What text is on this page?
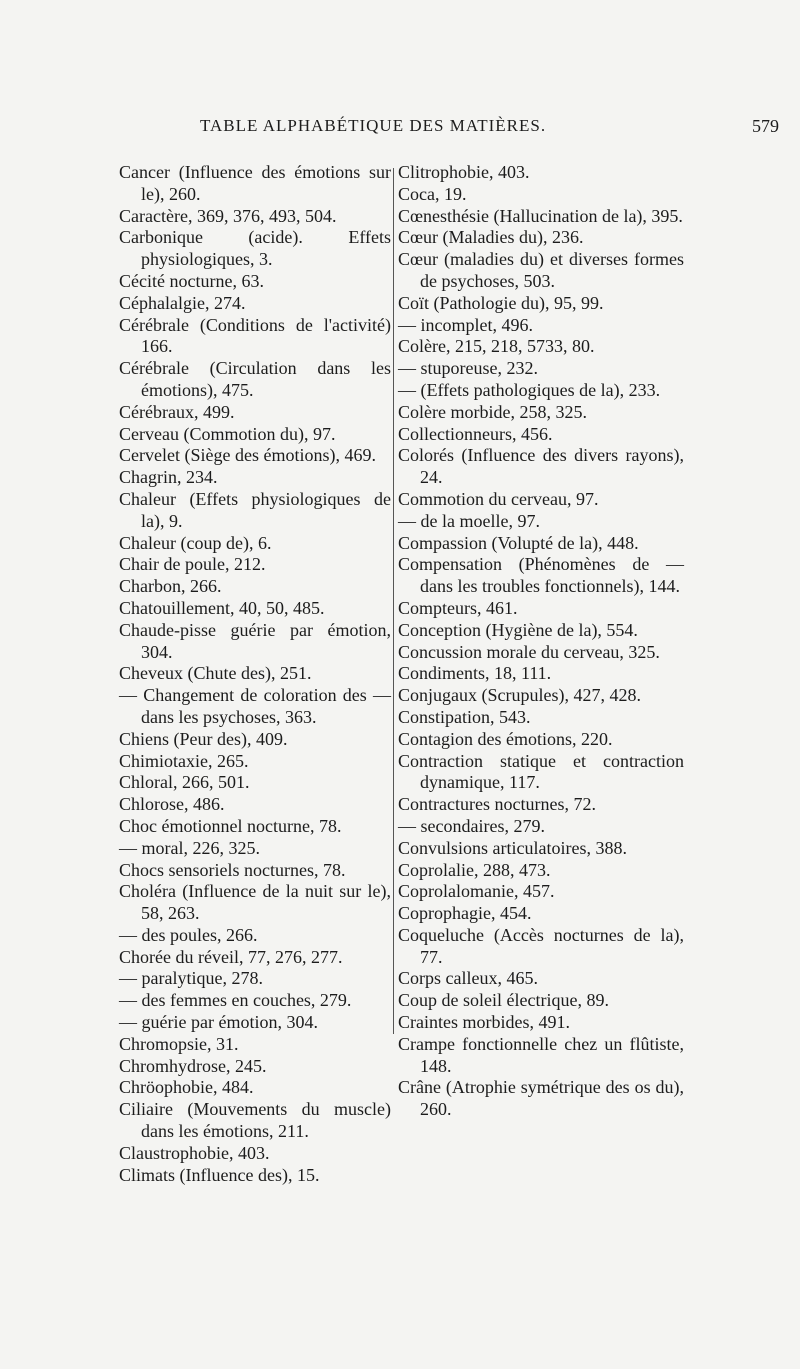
TABLE ALPHABÉTIQUE DES MATIÈRES.	579

Cancer (Influence des émotions sur le), 260.

Caractère, 369, 376, 493, 504.

Carbonique (acide). Effets physiologiques, 3.

Cécité nocturne, 63.

Céphalalgie, 274.

Cérébrale (Conditions de l'activité) 166.

Cérébrale (Circulation dans les émotions), 475.

Cérébraux, 499.

Cerveau (Commotion du), 97.

Cervelet (Siège des émotions), 469.

Chagrin, 234.

Chaleur (Effets physiologiques de la), 9.

Chaleur (coup de), 6.

Chair de poule, 212.

Charbon, 266.

Chatouillement, 40, 50, 485.

Chaude-pisse guérie par émotion, 304.

Cheveux (Chute des), 251.

— Changement de coloration des — dans les psychoses, 363.

Chiens (Peur des), 409.

Chimiotaxie, 265.

Chloral, 266, 501.

Chlorose, 486.

Choc émotionnel nocturne, 78.

— moral, 226, 325.

Chocs sensoriels nocturnes, 78.

Choléra (Influence de la nuit sur le), 58, 263.

— des poules, 266.

Chorée du réveil, 77, 276, 277.

— paralytique, 278.

— des femmes en couches, 279.

— guérie par émotion, 304.

Chromopsie, 31.

Chromhydrose, 245.

Chröophobie, 484.

Ciliaire (Mouvements du muscle) dans les émotions, 211.

Claustrophobie, 403.

Climats (Influence des), 15.

Clitrophobie, 403.

Coca, 19.

Cœnesthésie (Hallucination de la), 395.

Cœur (Maladies du), 236.

Cœur (maladies du) et diverses formes de psychoses, 503.

Coït (Pathologie du), 95, 99.

— incomplet, 496.

Colère, 215, 218, 5733, 80.

— stuporeuse, 232.

— (Effets pathologiques de la), 233.

Colère morbide, 258, 325.

Collectionneurs, 456.

Colorés (Influence des divers rayons), 24.

Commotion du cerveau, 97.

— de la moelle, 97.

Compassion (Volupté de la), 448.

Compensation (Phénomènes de — dans les troubles fonctionnels), 144.

Compteurs, 461.

Conception (Hygiène de la), 554.

Concussion morale du cerveau, 325.

Condiments, 18, 111.

Conjugaux (Scrupules), 427, 428.

Constipation, 543.

Contagion des émotions, 220.

Contraction statique et contraction dynamique, 117.

Contractures nocturnes, 72.

— secondaires, 279.

Convulsions articulatoires, 388.

Coprolalie, 288, 473.

Coprolalomanie, 457.

Coprophagie, 454.

Coqueluche (Accès nocturnes de la), 77.

Corps calleux, 465.

Coup de soleil électrique, 89.

Craintes morbides, 491.

Crampe fonctionnelle chez un flûtiste, 148.

Crâne (Atrophie symétrique des os du), 260.
